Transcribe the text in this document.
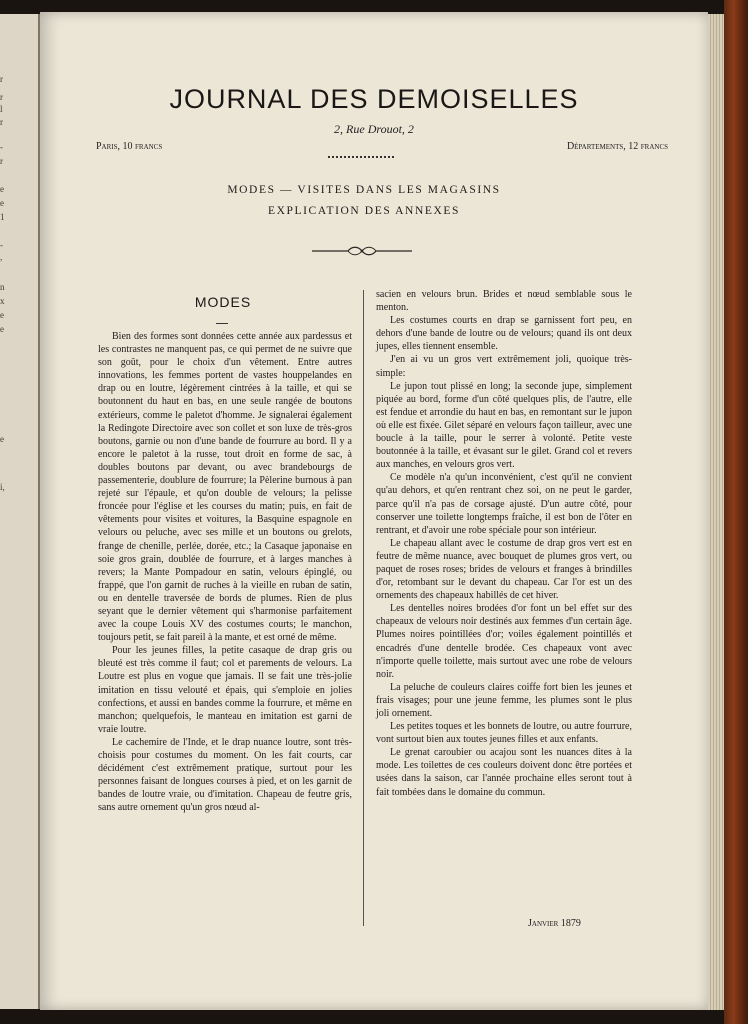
r
r
l
r
-
r
e
e
1
-
,
n
x
e
e
e
i,
JOURNAL DES DEMOISELLES
2, Rue Drouot, 2
Paris, 10 francs	Départements, 12 francs
MODES — VISITES DANS LES MAGASINS
EXPLICATION DES ANNEXES
MODES

Bien des formes sont données cette année aux pardessus et les contrastes ne manquent pas, ce qui permet de ne suivre que son goût, pour le choix d'un vêtement. Entre autres innovations, les femmes portent de vastes houppelandes en drap ou en loutre, légèrement cintrées à la taille, et qui se boutonnent du haut en bas, en une seule rangée de boutons extérieurs, comme le paletot d'homme. Je signalerai également la Redingote Directoire avec son collet et son luxe de très-gros boutons, garnie ou non d'une bande de fourrure au bord. Il y a encore le paletot à la russe, tout droit en forme de sac, à doubles boutons par devant, ou avec brandebourgs de passementerie, doublure de fourrure; la Pèlerine burnous à pan rejeté sur l'épaule, et qu'on double de velours; la pelisse froncée pour l'église et les courses du matin; puis, en fait de vêtements pour visites et voitures, la Basquine espagnole en velours ou peluche, avec ses mille et un boutons ou grelots, frange de chenille, perlée, dorée, etc.; la Casaque japonaise en soie gros grain, doublée de fourrure, et à larges manches à revers; la Mante Pompadour en satin, velours épinglé, ou frappé, que l'on garnit de ruches à la vieille en ruban de satin, ou en dentelle traversée de bords de plumes. Rien de plus seyant que le dernier vêtement qui s'harmonise parfaitement avec la coupe Louis XV des costumes courts; le manchon, toujours petit, se fait pareil à la mante, et est orné de même.

Pour les jeunes filles, la petite casaque de drap gris ou bleuté est très comme il faut; col et parements de velours. La Loutre est plus en vogue que jamais. Il se fait une très-jolie imitation en tissu velouté et épais, qui s'emploie en jolies confections, et aussi en bandes comme la fourrure, et même en manchon; quelquefois, le manteau en imitation est garni de vraie loutre.

Le cachemire de l'Inde, et le drap nuance loutre, sont très-choisis pour costumes du moment. On les fait courts, car décidément c'est extrêmement pratique, surtout pour les personnes faisant de longues courses à pied, et on les garnit de bandes de loutre vraie, ou d'imitation. Chapeau de feutre gris, sans autre ornement qu'un gros nœud al-

sacien en velours brun. Brides et nœud semblable sous le menton.

Les costumes courts en drap se garnissent fort peu, en dehors d'une bande de loutre ou de velours; quand ils ont deux jupes, elles tiennent ensemble.

J'en ai vu un gros vert extrêmement joli, quoique très-simple:

Le jupon tout plissé en long; la seconde jupe, simplement piquée au bord, forme d'un côté quelques plis, de l'autre, elle est fendue et arrondie du haut en bas, en remontant sur le jupon où elle est fixée. Gilet séparé en velours façon tailleur, avec une boucle à la taille, pour le serrer à volonté. Petite veste boutonnée à la taille, et évasant sur le gilet. Grand col et revers aux manches, en velours gros vert.

Ce modèle n'a qu'un inconvénient, c'est qu'il ne convient qu'au dehors, et qu'en rentrant chez soi, on ne peut le garder, parce qu'il n'a pas de corsage ajusté. D'un autre côté, pour conserver une toilette longtemps fraîche, il est bon de l'ôter en rentrant, et d'avoir une robe spéciale pour son intérieur.

Le chapeau allant avec le costume de drap gros vert est en feutre de même nuance, avec bouquet de plumes gros vert, ou paquet de roses roses; brides de velours et franges à brindilles d'or, retombant sur le devant du chapeau. Car l'or est un des ornements des chapeaux habillés de cet hiver.

Les dentelles noires brodées d'or font un bel effet sur des chapeaux de velours noir destinés aux femmes d'un certain âge. Plumes noires pointillées d'or; voiles également pointillés et encadrés d'une dentelle brodée. Ces chapeaux vont avec n'importe quelle toilette, mais surtout avec une robe de velours noir.

La peluche de couleurs claires coiffe fort bien les jeunes et frais visages; pour une jeune femme, les plumes sont le plus joli ornement.

Les petites toques et les bonnets de loutre, ou autre fourrure, vont surtout bien aux toutes jeunes filles et aux enfants.

Le grenat caroubier ou acajou sont les nuances dites à la mode. Les toilettes de ces couleurs doivent donc être portées et usées dans la saison, car l'année prochaine elles seront tout à fait tombées dans le domaine du commun.

Janvier 1879
